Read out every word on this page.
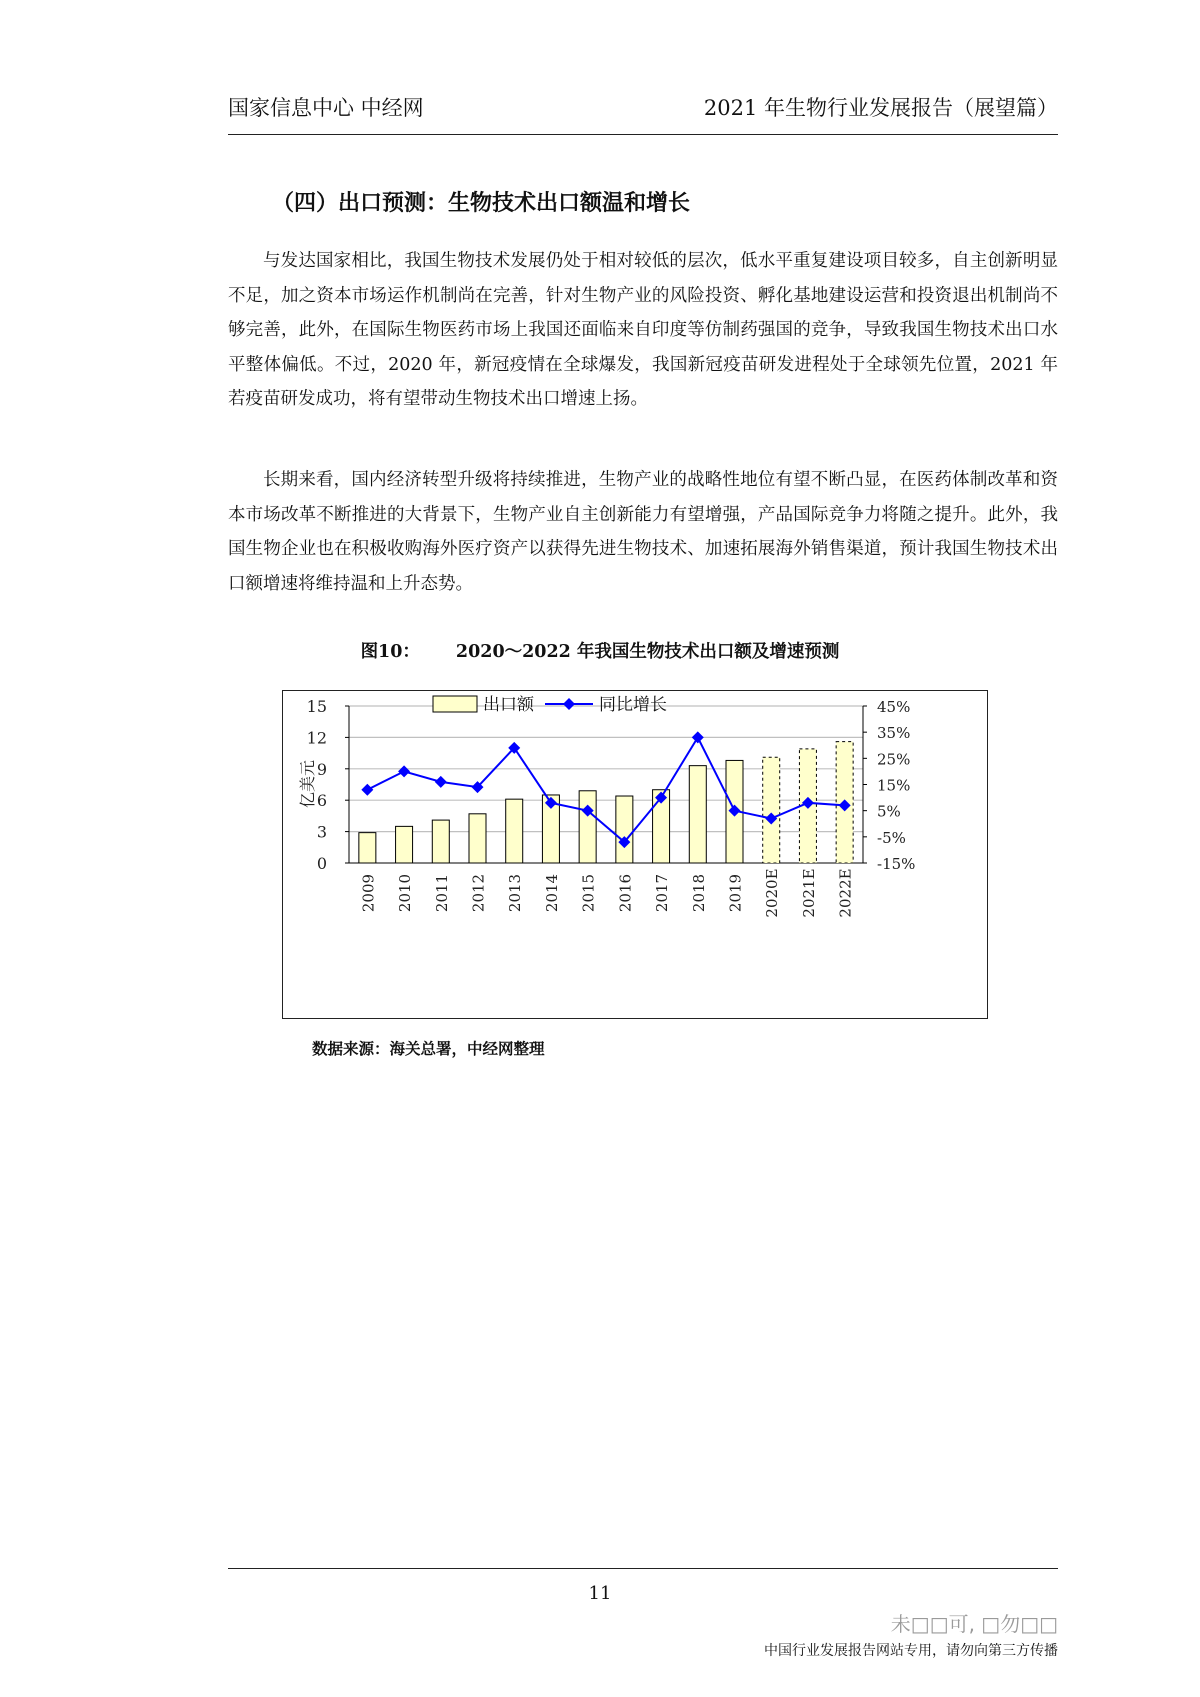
国家信息中心 中经网	2021 年生物行业发展报告（展望篇）
（四）出口预测：生物技术出口额温和增长
与发达国家相比，我国生物技术发展仍处于相对较低的层次，低水平重复建设项目较多，自主创新明显不足，加之资本市场运作机制尚在完善，针对生物产业的风险投资、孵化基地建设运营和投资退出机制尚不够完善，此外，在国际生物医药市场上我国还面临来自印度等仿制药强国的竞争，导致我国生物技术出口水平整体偏低。不过，2020 年，新冠疫情在全球爆发，我国新冠疫苗研发进程处于全球领先位置，2021 年若疫苗研发成功，将有望带动生物技术出口增速上扬。
长期来看，国内经济转型升级将持续推进，生物产业的战略性地位有望不断凸显，在医药体制改革和资本市场改革不断推进的大背景下，生物产业自主创新能力有望增强，产品国际竞争力将随之提升。此外，我国生物企业也在积极收购海外医疗资产以获得先进生物技术、加速拓展海外销售渠道，预计我国生物技术出口额增速将维持温和上升态势。
图10： 2020～2022 年我国生物技术出口额及增速预测
0
3
6
9
12
15
-15%
-5%
5%
15%
25%
35%
45%
亿美元
2009 2010 2011 2012 2013 2014 2015 2016 2017 2018 2019 2020E 2021E 2022E
出口额	同比增长
数据来源：海关总署，中经网整理
11
未□□可, □勿□□
中国行业发展报告网站专用，请勿向第三方传播
